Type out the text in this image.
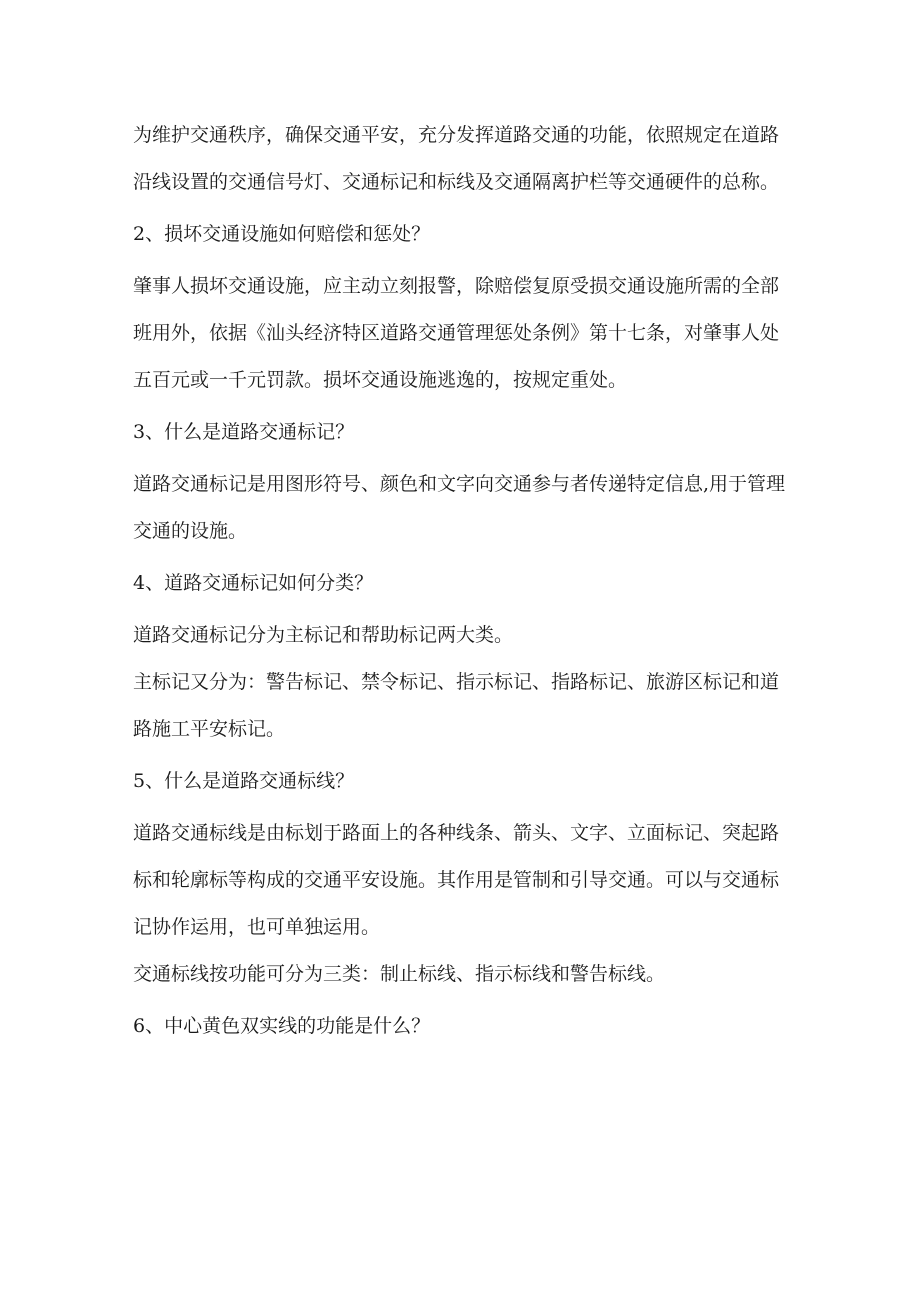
为维护交通秩序，确保交通平安，充分发挥道路交通的功能，依照规定在道路沿线设置的交通信号灯、交通标记和标线及交通隔离护栏等交通硬件的总称。

2、损坏交通设施如何赔偿和惩处？

肇事人损坏交通设施，应主动立刻报警，除赔偿复原受损交通设施所需的全部班用外，依据《汕头经济特区道路交通管理惩处条例》第十七条，对肇事人处五百元或一千元罚款。损坏交通设施逃逸的，按规定重处。

3、什么是道路交通标记？

道路交通标记是用图形符号、颜色和文字向交通参与者传递特定信息,用于管理交通的设施。

4、道路交通标记如何分类？

道路交通标记分为主标记和帮助标记两大类。

主标记又分为：警告标记、禁令标记、指示标记、指路标记、旅游区标记和道路施工平安标记。

5、什么是道路交通标线？

道路交通标线是由标划于路面上的各种线条、箭头、文字、立面标记、突起路标和轮廓标等构成的交通平安设施。其作用是管制和引导交通。可以与交通标记协作运用，也可单独运用。

交通标线按功能可分为三类：制止标线、指示标线和警告标线。

6、中心黄色双实线的功能是什么？
